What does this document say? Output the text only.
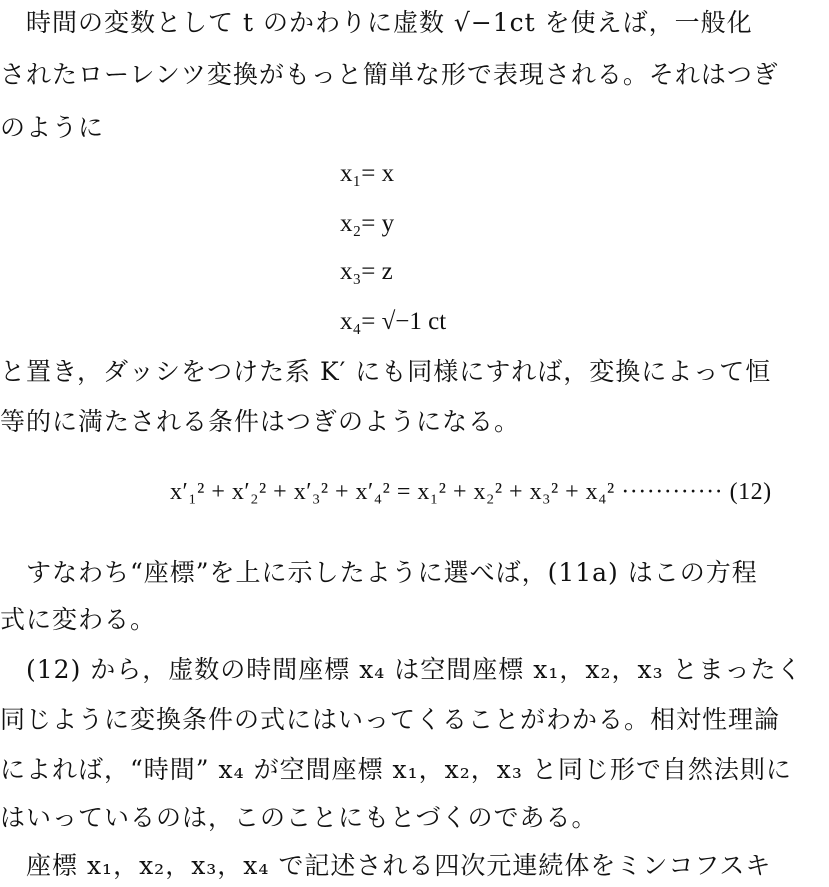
　時間の変数として t のかわりに虚数 √−1ct を使えば，一般化
されたローレンツ変換がもっと簡単な形で表現される。それはつぎ
のように
x₁= x
x₂= y
x₃= z
x₄= √−1 ct
と置き，ダッシをつけた系 K′ にも同様にすれば，変換によって恒
等的に満たされる条件はつぎのようになる。
x′₁² + x′₂² + x′₃² + x′₄² = x₁² + x₂² + x₃² + x₄² ············ (12)
　すなわち“座標”を上に示したように選べば，(11a) はこの方程
式に変わる。
　(12) から，虚数の時間座標 x₄ は空間座標 x₁，x₂，x₃ とまったく
同じように変換条件の式にはいってくることがわかる。相対性理論
によれば，“時間” x₄ が空間座標 x₁，x₂，x₃ と同じ形で自然法則に
はいっているのは，このことにもとづくのである。
　座標 x₁，x₂，x₃，x₄ で記述される四次元連続体をミンコフスキ
